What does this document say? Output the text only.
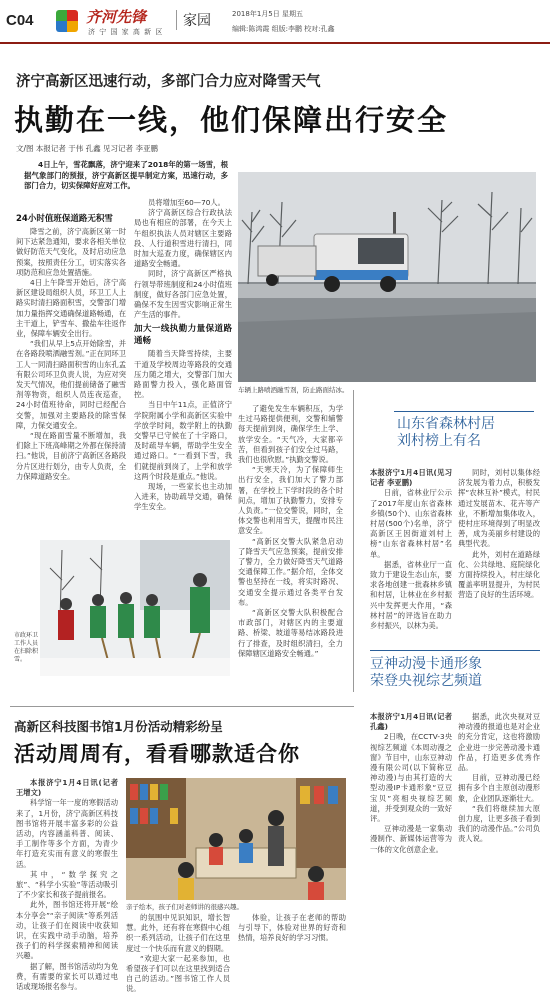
C04	齐河先锋
济 宁 国 家 高 新 区
家园	2018年1月5日 星期五
编辑:陈鸿霞 组版:李鹏 校对:孔鑫
济宁高新区迅速行动，多部门合力应对降雪天气
执勤在一线，他们保障出行安全
文/图 本报记者 于伟 孔鑫 见习记者 李亚鹏
4日上午，雪花飘落，济宁迎来了2018年的第一场雪，根据气象部门的预报，济宁高新区提早制定方案，迅速行动，多部门合力，切实保障好应对工作。
24小时值班保道路无积雪

降雪之前，济宁高新区第一时间下达紧急通知，要求各相关单位做好防范天气变化，及时启动应急预案，按照责任分工，切实落实各项防范和应急处置措施。

4日上午降雪开始后，济宁高新区建设局组织人员，环卫工人上路实时清扫路面积雪，交警部门增加力量指挥交通确保道路畅通，在主干道上，铲雪车、撒盐车往返作业，保障车辆安全出行。

“我们从早上5点开始除雪，并在各路段喷洒融雪剂。”正在同环卫工人一同清扫路面积雪的山东孔孟有限公司环卫负责人说，为应对突发天气情况，他们提前储备了融雪剂等物资，组织人员连夜巡查，24小时值班待命，同时已经配合交警，加强对主要路段的除雪保障，力保交通安全。

“现在路面雪量不断增加，我们除上下班高峰期之外都在保持清扫。”他说，目前济宁高新区各路段分片区进行划分，由专人负责，全力保障道路安全。

员将增加至60—70人。

济宁高新区综合行政执法局也有相应的部署，在今天上午组织执法人员对辖区主要路段、人行道积雪进行清扫，同时加大巡查力度，确保辖区内道路安全畅通。

同时，济宁高新区严格执行领导带班制度和24小时值班制度，做好各部门应急处置，确保不发生因雪灾影响正常生产生活的事件。

加大一线执勤力量保道路通畅

随着当天降雪持续，主要干道及学校周边等路段的交通压力随之增大，交警部门加大路面警力投入，强化路面管控。

当日中午11点，正值济宁学院附属小学和高新区实验中学放学时间，数学附上的执勤交警早已守候在了十字路口，及时疏导车辆，帮助学生安全通过路口。“一看到下雪，我们就提前到岗了，上学和放学这两个时段是重点。”他说。

现场，一些家长也主动加入进来，协助疏导交通，确保学生安全。

车辆上路喷洒融雪剂，防止路面结冰。

了避免发生车辆积压，为学生过马路提供便利，交警和辅警每天提前到岗，确保学生上学、放学安全。“天气冷，大家都辛苦，但看到孩子们安全过马路，我们也很欣慰。”执勤交警说。

“天寒天冷，为了保障师生出行安全，我们加大了警力部署，在学校上下学时段的各个时间点，增加了执勤警力，安排专人负责。”一位交警说，同时，全体交警也利用雪天，提醒市民注意安全。

“高新区交警大队紧急启动了降雪天气应急预案，提前安排了警力，全力做好降雪天气道路交通保障工作。”据介绍，全体交警也坚持在一线，将实时路况、交通安全提示通过各类平台发布。

“高新区交警大队积极配合市政部门，对辖区内的主要道路、桥梁、坡道等易结冰路段进行了排查，及时组织清扫，全力保障辖区道路安全畅通。”

市政环卫工作人员在扫除积雪。
山东省森林村居
刘村榜上有名

本报济宁1月4日讯(见习记者 李亚鹏)

日前，省林业厅公示了2017年度山东省森林乡镇(50个)、山东省森林村居(500个)名单，济宁高新区王因街道刘村上榜“山东省森林村居”名单。

据悉，省林业厅一直致力于建设生态山东，要求各地创建一批森林乡镇和村居，让林业在乡村振兴中发挥更大作用，“森林村居”的评选旨在助力乡村振兴，以林为美。

同时，刘村以集体经济发展为着力点，积极发挥“农林互补”模式，村民通过发展苗木、花卉等产业，不断增加集体收入，使村庄环境得到了明显改善，成为美丽乡村建设的典型代表。

此外，刘村在道路绿化、公共绿地、庭院绿化方面持续投入，村庄绿化覆盖率明显提升，为村民营造了良好的生活环境。

豆神动漫卡通形象
荣登央视综艺频道

本报济宁1月4日讯(记者 孔鑫)

2日晚，在CCTV-3央视综艺频道《本周动漫之窗》节目中，山东豆神动漫有限公司(以下简称豆神动漫)与由其打造的大型动漫IP卡通形象“豆豆宝贝”亮相央视综艺频道，并受到观众的一致好评。

豆神动漫是一家集动漫制作、新媒体运营等为一体的文化创意企业。

据悉，此次央视对豆神动漫的报道也是对企业的充分肯定，这也将激励企业进一步完善动漫卡通作品，打造更多优秀作品。

目前，豆神动漫已经拥有多个自主原创动漫形象，企业团队逐渐壮大。

“我们将继续加大原创力度，让更多孩子看到我们的动漫作品。”公司负责人说。

高新区科技图书馆1月份活动精彩纷呈
活动周周有，看看哪款适合你

本报济宁1月4日讯(记者 王增文)

科学馆一年一度的寒假活动来了，1月份，济宁高新区科技图书馆将开展丰富多彩的公益活动，内容涵盖科普、阅读、手工制作等多个方面，为青少年打造充实而有意义的寒假生活。

其中，“数学探究之旅”、“科学小实验”等活动吸引了不少家长和孩子提前报名。

此外，图书馆还将开展“绘本分享会”“亲子阅读”等系列活动，让孩子们在阅读中收获知识，在实践中动手动脑，培养孩子们的科学探索精神和阅读兴趣。

据了解，图书馆活动均为免费，有需要的家长可以通过电话或现场报名参与。

亲子绘本，孩子们对老师讲的很感兴趣。

的氛围中见识知识，增长智慧。此外，还有将在寒假中心组织一系列活动，让孩子们在这里度过一个快乐而有意义的假期。

“欢迎大家一起来参加，也希望孩子们可以在这里找到适合自己的活动。”图书馆工作人员说。

体验，让孩子在老师的帮助与引导下，体验对世界的好奇和热情，培养良好的学习习惯。
